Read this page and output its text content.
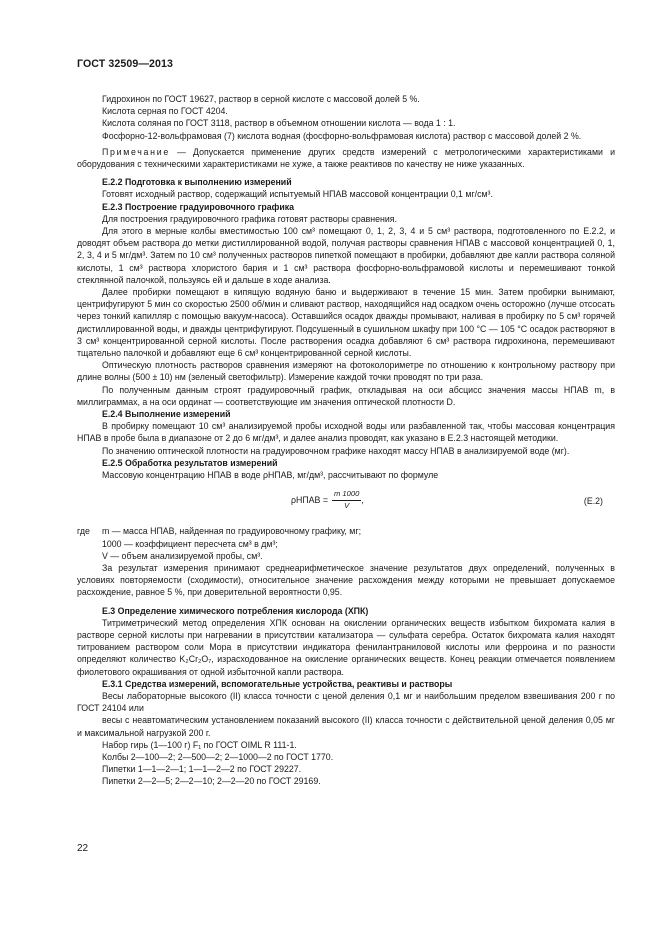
ГОСТ 32509—2013

Гидрохинон по ГОСТ 19627, раствор в серной кислоте с массовой долей 5 %.

Кислота серная по ГОСТ 4204.

Кислота соляная по ГОСТ 3118, раствор в объемном отношении кислота — вода 1 : 1.

Фосфорно-12-вольфрамовая (7) кислота водная (фосфорно-вольфрамовая кислота) раствор с массовой долей 2 %.

Примечание — Допускается применение других средств измерений с метрологическими характеристиками и оборудования с техническими характеристиками не хуже, а также реактивов по качеству не ниже указанных.

Е.2.2 Подготовка к выполнению измерений

Готовят исходный раствор, содержащий испытуемый НПАВ массовой концентрации 0,1 мг/см³.

Е.2.3 Построение градуировочного графика

Для построения градуировочного графика готовят растворы сравнения.

Для этого в мерные колбы вместимостью 100 см³ помещают 0, 1, 2, 3, 4 и 5 см³ раствора, подготовленного по Е.2.2, и доводят объем раствора до метки дистиллированной водой, получая растворы сравнения НПАВ с массовой концентрацией 0, 1, 2, 3, 4 и 5 мг/дм³. Затем по 10 см³ полученных растворов пипеткой помещают в пробирки, добавляют две капли раствора соляной кислоты, 1 см³ раствора хлористого бария и 1 см³ раствора фосфорно-вольфрамовой кислоты и перемешивают тонкой стеклянной палочкой, пользуясь ей и дальше в ходе анализа.

Далее пробирки помещают в кипящую водяную баню и выдерживают в течение 15 мин. Затем пробирки вынимают, центрифугируют 5 мин со скоростью 2500 об/мин и сливают раствор, находящийся над осадком очень осторожно (лучше отсосать через тонкий капилляр с помощью вакуум-насоса). Оставшийся осадок дважды промывают, наливая в пробирку по 5 см³ горячей дистиллированной воды, и дважды центрифугируют. Подсушенный в сушильном шкафу при 100 °С — 105 °С осадок растворяют в 3 см³ концентрированной серной кислоты. После растворения осадка добавляют 6 см³ раствора гидрохинона, перемешивают тщательно палочкой и добавляют еще 6 см³ концентрированной серной кислоты.

Оптическую плотность растворов сравнения измеряют на фотоколориметре по отношению к контрольному раствору при длине волны (500 ± 10) нм (зеленый светофильтр). Измерение каждой точки проводят по три раза.

По полученным данным строят градуировочный график, откладывая на оси абсцисс значения массы НПАВ m, в миллиграммах, а на оси ординат — соответствующие им значения оптической плотности D.

Е.2.4 Выполнение измерений

В пробирку помещают 10 см³ анализируемой пробы исходной воды или разбавленной так, чтобы массовая концентрация НПАВ в пробе была в диапазоне от 2 до 6 мг/дм³, и далее анализ проводят, как указано в Е.2.3 настоящей методики.

По значению оптической плотности на градуировочном графике находят массу НПАВ в анализируемой воде (мг).

Е.2.5 Обработка результатов измерений

Массовую концентрацию НПАВ в воде ρНПАВ, мг/дм³, рассчитывают по формуле

ρНПАВ = $\frac{m 1000}{V}$ ,	(Е.2)
где	m — масса НПАВ, найденная по градуировочному графику, мг;

1000 — коэффициент пересчета см³ в дм³;

V — объем анализируемой пробы, см³.

За результат измерения принимают среднеарифметическое значение результатов двух определений, полученных в условиях повторяемости (сходимости), относительное значение расхождения между которыми не превышает допускаемое расхождение, равное 5 %, при доверительной вероятности 0,95.

Е.3 Определение химического потребления кислорода (ХПК)

Титриметрический метод определения ХПК основан на окислении органических веществ избытком бихромата калия в растворе серной кислоты при нагревании в присутствии катализатора — сульфата серебра. Остаток бихромата калия находят титрованием раствором соли Мора в присутствии индикатора фенилантраниловой кислоты или ферроина и по разности определяют количество K₂Cr₂O₇, израсходованное на окисление органических веществ. Конец реакции отмечается появлением фиолетового окрашивания от одной избыточной капли раствора.

Е.3.1 Средства измерений, вспомогательные устройства, реактивы и растворы

Весы лабораторные высокого (II) класса точности с ценой деления 0,1 мг и наибольшим пределом взвешивания 200 г по ГОСТ 24104 или

весы с неавтоматическим установлением показаний высокого (II) класса точности с действительной ценой деления 0,05 мг и максимальной нагрузкой 200 г.

Набор гирь (1—100 г) F₁ по ГОСТ OIML R 111-1.

Колбы 2—100—2; 2—500—2; 2—1000—2 по ГОСТ 1770.

Пипетки 1—1—2—1; 1—1—2—2 по ГОСТ 29227.

Пипетки 2—2—5; 2—2—10; 2—2—20 по ГОСТ 29169.

22
